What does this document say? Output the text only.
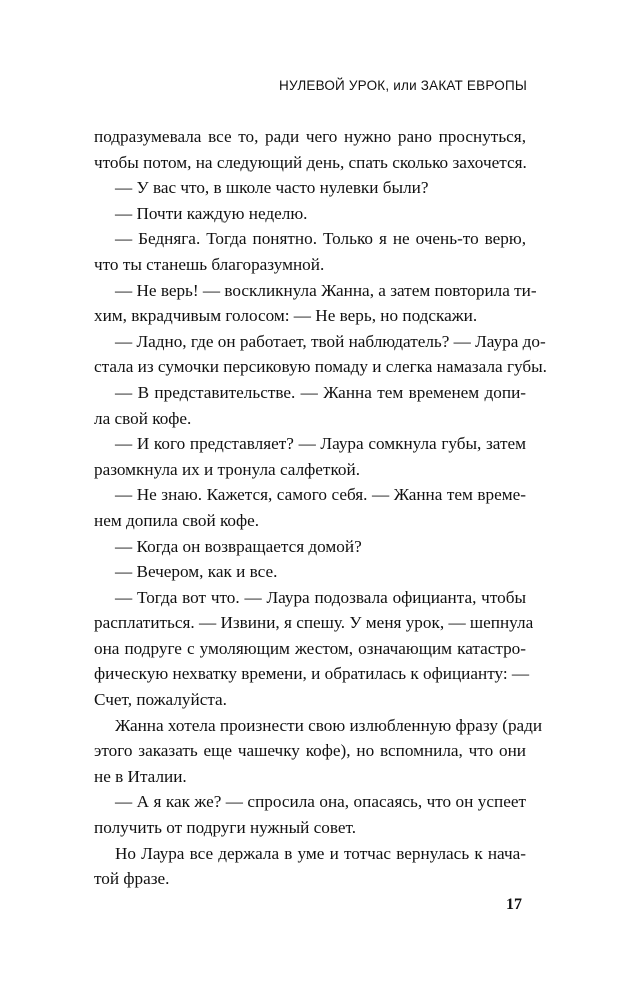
НУЛЕВОЙ УРОК, или ЗАКАТ ЕВРОПЫ
подразумевала все то, ради чего нужно рано проснуться,
чтобы потом, на следующий день, спать сколько захочется.
— У вас что, в школе часто нулевки были?
— Почти каждую неделю.
— Бедняга. Тогда понятно. Только я не очень-то верю,
что ты станешь благоразумной.
— Не верь! — воскликнула Жанна, а затем повторила ти-
хим, вкрадчивым голосом: — Не верь, но подскажи.
— Ладно, где он работает, твой наблюдатель? — Лаура до-
стала из сумочки персиковую помаду и слегка намазала губы.
— В представительстве. — Жанна тем временем допи-
ла свой кофе.
— И кого представляет? — Лаура сомкнула губы, затем
разомкнула их и тронула салфеткой.
— Не знаю. Кажется, самого себя. — Жанна тем време-
нем допила свой кофе.
— Когда он возвращается домой?
— Вечером, как и все.
— Тогда вот что. — Лаура подозвала официанта, чтобы
расплатиться. — Извини, я спешу. У меня урок, — шепнула
она подруге с умоляющим жестом, означающим катастро-
фическую нехватку времени, и обратилась к официанту: —
Счет, пожалуйста.
Жанна хотела произнести свою излюбленную фразу (ради
этого заказать еще чашечку кофе), но вспомнила, что они
не в Италии.
— А я как же? — спросила она, опасаясь, что он успеет
получить от подруги нужный совет.
Но Лаура все держала в уме и тотчас вернулась к нача-
той фразе.
17
